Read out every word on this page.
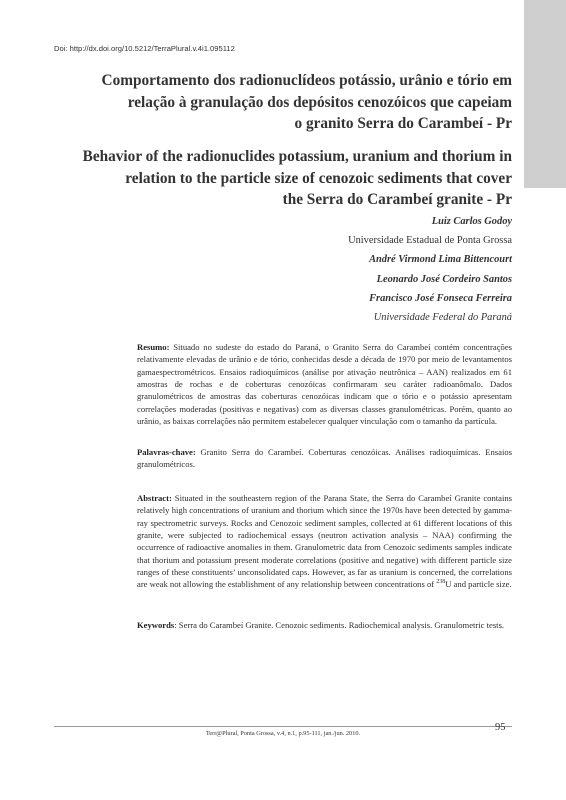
Doi: http://dx.doi.org/10.5212/TerraPlural.v.4i1.095112
Comportamento dos radionuclídeos potássio, urânio e tório em
relação à granulação dos depósitos cenozóicos que capeiam
o granito Serra do Carambeí - Pr
Behavior of the radionuclides potassium, uranium and thorium in
relation to the particle size of cenozoic sediments that cover
the Serra do Carambeí granite - Pr
Luiz Carlos Godoy
Universidade Estadual de Ponta Grossa
André Virmond Lima Bittencourt
Leonardo José Cordeiro Santos
Francisco José Fonseca Ferreira
Universidade Federal do Paraná
Resumo: Situado no sudeste do estado do Paraná, o Granito Serra do Carambeí contém concentrações relativamente elevadas de urânio e de tório, conhecidas desde a década de 1970 por meio de levantamentos gamaespectrométricos. Ensaios radioquímicos (análise por ativação neutrônica – AAN) realizados em 61 amostras de rochas e de coberturas cenozóicas confirmaram seu caráter radioanômalo. Dados granulométricos de amostras das coberturas cenozóicas indicam que o tório e o potássio apresentam correlações moderadas (positivas e negativas) com as diversas classes granulométricas. Porém, quanto ao urânio, as baixas correlações não permitem estabelecer qualquer vinculação com o tamanho da partícula.
Palavras-chave: Granito Serra do Carambeí. Coberturas cenozóicas. Análises radioquímicas. Ensaios granulométricos.
Abstract: Situated in the southeastern region of the Parana State, the Serra do Carambeí Granite contains relatively high concentrations of uranium and thorium which since the 1970s have been detected by gamma-ray spectrometric surveys. Rocks and Cenozoic sediment samples, collected at 61 different locations of this granite, were subjected to radiochemical essays (neutron activation analysis – NAA) confirming the occurrence of radioactive anomalies in them. Granulometric data from Cenozoic sediments samples indicate that thorium and potassium present moderate correlations (positive and negative) with different particle size ranges of these constituents’ unconsolidated caps. However, as far as uranium is concerned, the correlations are weak not allowing the establishment of any relationship between concentrations of $^{238}$U and particle size.
Keywords: Serra do Carambeí Granite. Cenozoic sediments. Radiochemical analysis. Granulometric tests.
95
Terr@Plural, Ponta Grossa, v.4, n.1, p.95-111, jan./jun. 2010.
